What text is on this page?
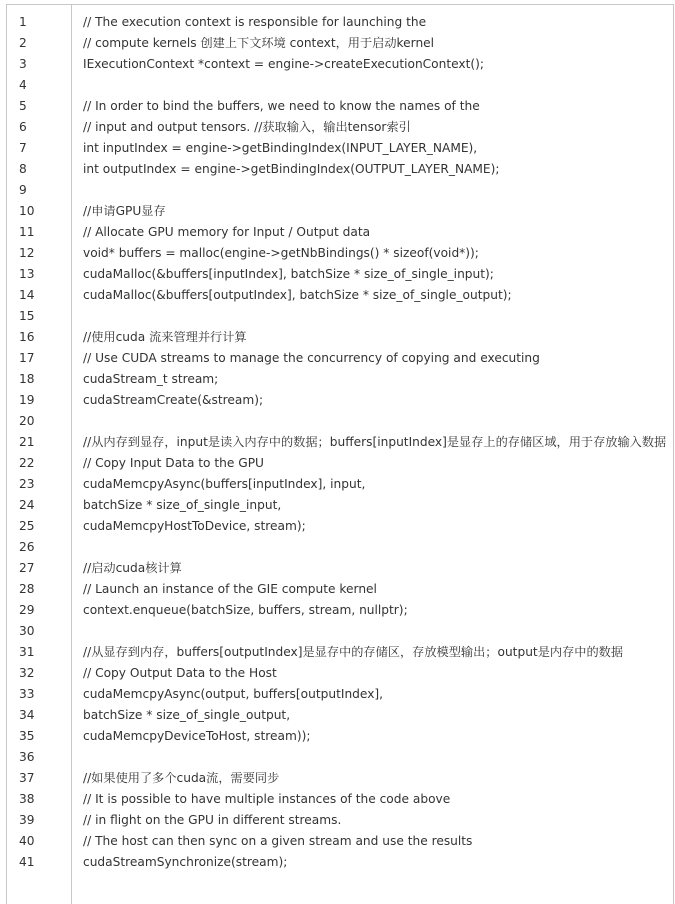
1
2
3
4
5
6
7
8
9
10
11
12
13
14
15
16
17
18
19
20
21
22
23
24
25
26
27
28
29
30
31
32
33
34
35
36
37
38
39
40
41
// The execution context is responsible for launching the
// compute kernels 创建上下文环境 context，用于启动kernel
IExecutionContext *context = engine->createExecutionContext();
// In order to bind the buffers, we need to know the names of the
// input and output tensors. //获取输入，输出tensor索引
int inputIndex = engine->getBindingIndex(INPUT_LAYER_NAME),
int outputIndex = engine->getBindingIndex(OUTPUT_LAYER_NAME);
//申请GPU显存
// Allocate GPU memory for Input / Output data
void* buffers = malloc(engine->getNbBindings() * sizeof(void*));
cudaMalloc(&buffers[inputIndex], batchSize * size_of_single_input);
cudaMalloc(&buffers[outputIndex], batchSize * size_of_single_output);
//使用cuda 流来管理并行计算
// Use CUDA streams to manage the concurrency of copying and executing
cudaStream_t stream;
cudaStreamCreate(&stream);
//从内存到显存，input是读入内存中的数据；buffers[inputIndex]是显存上的存储区域，用于存放输入数据
// Copy Input Data to the GPU
cudaMemcpyAsync(buffers[inputIndex], input,
batchSize * size_of_single_input,
cudaMemcpyHostToDevice, stream);
//启动cuda核计算
// Launch an instance of the GIE compute kernel
context.enqueue(batchSize, buffers, stream, nullptr);
//从显存到内存，buffers[outputIndex]是显存中的存储区，存放模型输出；output是内存中的数据
// Copy Output Data to the Host
cudaMemcpyAsync(output, buffers[outputIndex],
batchSize * size_of_single_output,
cudaMemcpyDeviceToHost, stream));
//如果使用了多个cuda流，需要同步
// It is possible to have multiple instances of the code above
// in flight on the GPU in different streams.
// The host can then sync on a given stream and use the results
cudaStreamSynchronize(stream);
